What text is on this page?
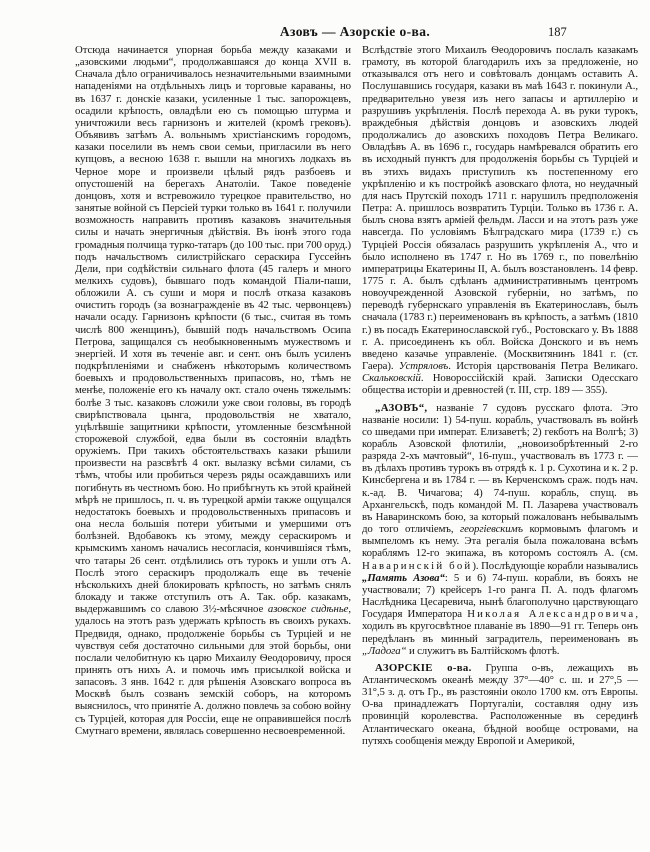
Азовъ — Азорскіе о-ва.	187

Отсюда начинается упорная борьба между казаками и „азовскими людьми“, продолжавшаяся до конца XVII в. Сначала дѣло ограничивалось незначительными взаимными нападеніями на отдѣльныхъ лицъ и торговые караваны, но въ 1637 г. донскіе казаки, усиленные 1 тыс. запорожцевъ, осадили крѣпость, овладѣли ею съ помощью штурма и уничтожили весь гарнизонъ и жителей (кромѣ грековъ). Объявивъ затѣмъ А. вольнымъ христіанскимъ городомъ, казаки поселили въ немъ свои семьи, пригласили въ него купцовъ, а весною 1638 г. вышли на многихъ лодкахъ въ Черное море и произвели цѣлый рядъ разбоевъ и опустошеній на берегахъ Анатоліи. Такое поведеніе донцовъ, хотя и встревожило турецкое правительство, но занятые войной съ Персіей турки только въ 1641 г. получили возможность направить противъ казаковъ значительныя силы и начать энергичныя дѣйствія. Въ іюнѣ этого года громадныя полчища турко-татаръ (до 100 тыс. при 700 оруд.) подъ начальствомъ силистрійскаго сераскира Гуссейнъ Дели, при содѣйствіи сильнаго флота (45 галеръ и много мелкихъ судовъ), бывшаго подъ командой Піали-паши, обложили А. съ суши и моря и послѣ отказа казаковъ очистить городъ (за вознагражденіе въ 42 тыс. червонцевъ) начали осаду. Гарнизонъ крѣпости (6 тыс., считая въ томъ числѣ 800 женщинъ), бывшій подъ начальствомъ Осипа Петрова, защищался съ необыкновеннымъ мужествомъ и энергіей. И хотя въ теченіе авг. и сент. онъ былъ усиленъ подкрѣпленіями и снабженъ нѣкоторымъ количествомъ боевыхъ и продовольственныхъ припасовъ, но, тѣмъ не менѣе, положеніе его къ началу окт. стало очень тяжелымъ: болѣе 3 тыс. казаковъ сложили уже свои головы, въ городѣ свирѣпствовала цынга, продовольствія не хватало, уцѣлѣвшіе защитники крѣпости, утомленные безсмѣнной сторожевой службой, едва были въ состояніи владѣть оружіемъ. При такихъ обстоятельствахъ казаки рѣшили произвести на разсвѣтѣ 4 окт. вылазку всѣми силами, съ тѣмъ, чтобы или пробиться черезъ ряды осаждавшихъ или погибнуть въ честномъ бою. Но прибѣгнуть къ этой крайней мѣрѣ не пришлось, п. ч. въ турецкой арміи также ощущался недостатокъ боевыхъ и продовольственныхъ припасовъ и она несла большія потери убитыми и умершими отъ болѣзней. Вдобавокъ къ этому, между сераскиромъ и крымскимъ ханомъ начались несогласія, кончившіяся тѣмъ, что татары 26 сент. отдѣлились отъ турокъ и ушли отъ А. Послѣ этого сераскиръ продолжалъ еще въ теченіе нѣсколькихъ дней блокировать крѣпость, но затѣмъ снялъ блокаду и также отступилъ отъ А. Так. обр. казакамъ, выдержавшимъ со славою 3½-мѣсячное азовское сидѣнье, удалось на этотъ разъ удержать крѣпость въ своихъ рукахъ. Предвидя, однако, продолженіе борьбы съ Турціей и не чувствуя себя достаточно сильными для этой борьбы, они послали челобитную къ царю Михаилу Ѳеодоровичу, прося принять отъ нихъ А. и помочь имъ присылкой войска и запасовъ. 3 янв. 1642 г. для рѣшенія Азовскаго вопроса въ Москвѣ былъ созванъ земскій соборъ, на которомъ выяснилось, что принятіе А. должно повлечь за собою войну съ Турціей, которая для Россіи, еще не оправившейся послѣ Смутнаго времени, являлась совершенно несвоевременной.

Вслѣдствіе этого Михаилъ Ѳеодоровичъ послалъ казакамъ грамоту, въ которой благодарилъ ихъ за предложеніе, но отказывался отъ него и совѣтовалъ донцамъ оставить А. Послушавшись государя, казаки въ маѣ 1643 г. покинули А., предварительно увезя изъ него запасы и артиллерію и разрушивъ укрѣпленія. Послѣ перехода А. въ руки турокъ, враждебныя дѣйствія донцовъ и азовскихъ людей продолжались до азовскихъ походовъ Петра Великаго. Овладѣвъ А. въ 1696 г., государь намѣревался обратить его въ исходный пунктъ для продолженія борьбы съ Турціей и въ этихъ видахъ приступилъ къ постепенному его укрѣпленію и къ постройкѣ азовскаго флота, но неудачный для насъ Прутскій походъ 1711 г. нарушилъ предположенія Петра: А. пришлось возвратить Турціи. Только въ 1736 г. А. былъ снова взятъ арміей фельдм. Ласси и на этотъ разъ уже навсегда. По условіямъ Бѣлградскаго мира (1739 г.) съ Турціей Россія обязалась разрушить укрѣпленія А., что и было исполнено въ 1747 г. Но въ 1769 г., по повелѣнію императрицы Екатерины II, А. былъ возстановленъ. 14 февр. 1775 г. А. былъ сдѣланъ административнымъ центромъ новоучрежденной Азовской губерніи, но затѣмъ, по переводѣ губернскаго управленія въ Екатеринославъ, былъ сначала (1783 г.) переименованъ въ крѣпость, а затѣмъ (1810 г.) въ посадъ Екатеринославской губ., Ростовскаго у. Въ 1888 г. А. присоединенъ къ обл. Войска Донского и въ немъ введено казачье управленіе. (Москвитянинъ 1841 г. (ст. Гаера). Устряловъ. Исторія царствованія Петра Великаго. Скальковскій. Новороссійскій край. Записки Одесскаго общества исторіи и древностей (т. III, стр. 189 — 355).

„АЗОВЪ“, названіе 7 судовъ русскаго флота. Это названіе носили: 1) 54-пуш. корабль, участвовалъ въ войнѣ со шведами при императ. Елизаветѣ; 2) гекботъ на Волгѣ; 3) корабль Азовской флотиліи, „новоизобрѣтенный 2-го разряда 2-хъ мачтовый“, 16-пуш., участвовалъ въ 1773 г. — въ дѣлахъ противъ турокъ въ отрядѣ к. 1 р. Сухотина и к. 2 р. Кинсбергена и въ 1784 г. — въ Керченскомъ сраж. подъ нач. к.-ад. В. Чичагова; 4) 74-пуш. корабль, спущ. въ Архангельскѣ, подъ командой М. П. Лазарева участвовалъ въ Наваринскомъ бою, за который пожалованъ небывалымъ до того отличіемъ, георгіевскимъ кормовымъ флагомъ и вымпеломъ къ нему. Эта регалія была пожалована всѣмъ кораблямъ 12-го экипажа, въ которомъ состоялъ А. (см. Наваринскій бой). Послѣдующіе корабли назывались „Память Азова“: 5 и 6) 74-пуш. корабли, въ бояхъ не участвовали; 7) крейсеръ 1-го ранга П. А. подъ флагомъ Наслѣдника Цесаревича, нынѣ благополучно царствующаго Государя Императора Николая Александровича, ходилъ въ кругосвѣтное плаваніе въ 1890—91 гг. Теперь онъ передѣланъ въ минный заградитель, переименованъ въ „Ладога“ и служитъ въ Балтійскомъ флотѣ.

АЗОРСКІЕ о-ва. Группа о-въ, лежащихъ въ Атлантическомъ океанѣ между 37°—40° с. ш. и 27°,5 — 31°,5 з. д. отъ Гр., въ разстояніи около 1700 км. отъ Европы. О-ва принадлежатъ Португаліи, составляя одну изъ провинцій королевства. Расположенные въ серединѣ Атлантическаго океана, бѣдной вообще островами, на путяхъ сообщенія между Европой и Америкой,
